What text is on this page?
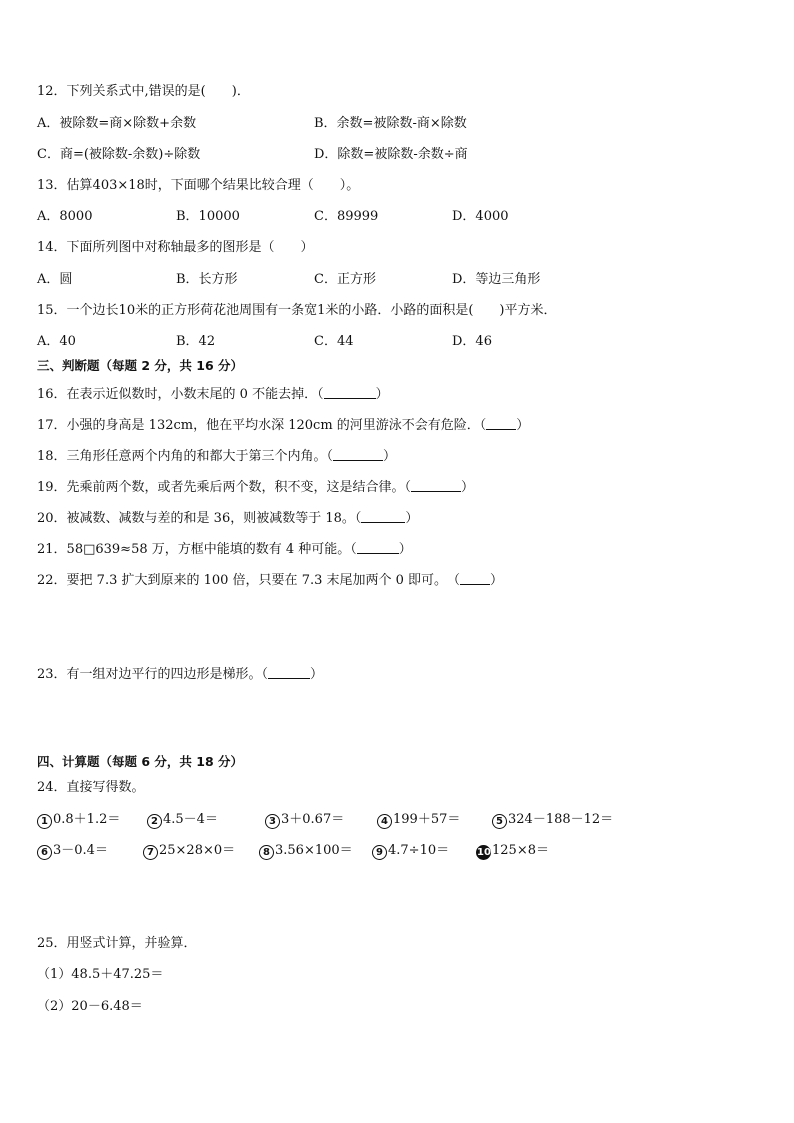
12．下列关系式中,错误的是(　　)．
A．被除数=商×除数+余数	B．余数=被除数-商×除数
C．商=(被除数-余数)÷除数	D．除数=被除数-余数÷商
13．估算403×18时，下面哪个结果比较合理（　　）。
A．8000	B．10000	C．89999	D．4000
14．下面所列图中对称轴最多的图形是（　　）
A．圆	B．长方形	C．正方形	D．等边三角形
15．一个边长10米的正方形荷花池周围有一条宽1米的小路．小路的面积是(　　)平方米．
A．40	B．42	C．44	D．46
三、判断题（每题 2 分，共 16 分）
16．在表示近似数时，小数末尾的 0 不能去掉．（	）
17．小强的身高是 132cm，他在平均水深 120cm 的河里游泳不会有危险．（ ）
18．三角形任意两个内角的和都大于第三个内角。（	）
19．先乘前两个数，或者先乘后两个数，积不变，这是结合律。（	）
20．被减数、减数与差的和是 36，则被减数等于 18。（	）
21．58□639≈58 万，方框中能填的数有 4 种可能。（	）
22．要把 7.3 扩大到原来的 100 倍，只要在 7.3 末尾加两个 0 即可。　（ ）
23．有一组对边平行的四边形是梯形。（	）
四、计算题（每题 6 分，共 18 分）
24．直接写得数。
1 0.8＋1.2＝	2 4.5－4＝	3 3＋0.67＝	4 199＋57＝	5 324－188－12＝
6 3－0.4＝	7 25×28×0＝	8 3.56×100＝	9 4.7÷10＝	10125×8＝
25．用竖式计算，并验算．
（1）48.5＋47.25＝
（2）20－6.48＝
